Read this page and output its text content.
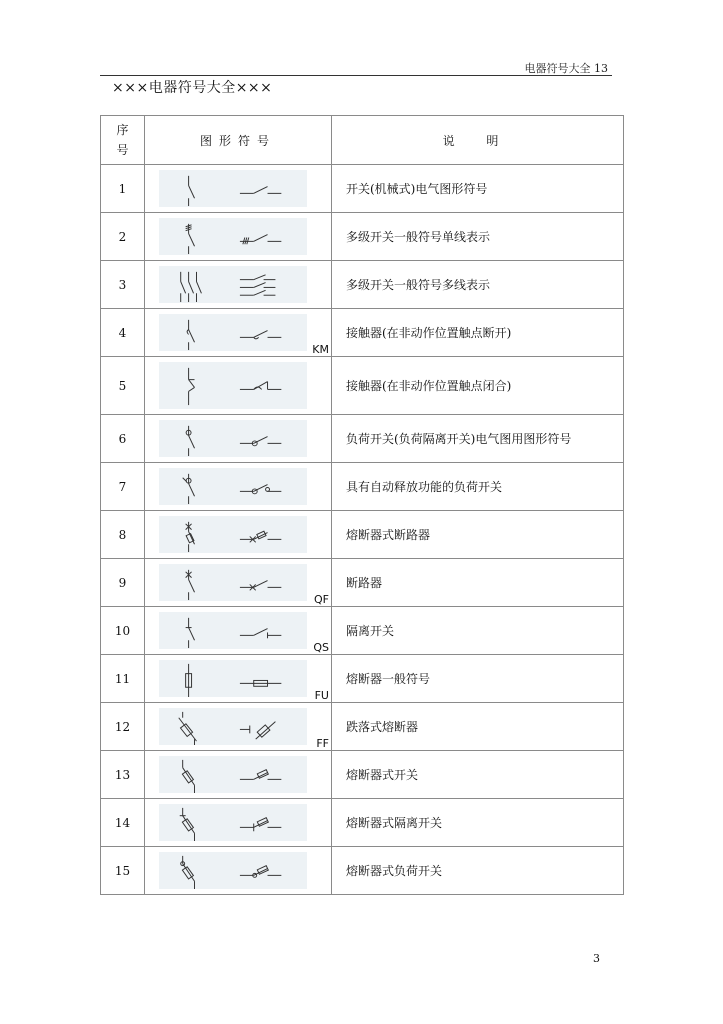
电器符号大全 13
×××电器符号大全×××
序
号	图形符号	说 明
1		开关(机械式)电气图形符号
2		多级开关一般符号单线表示
3		多级开关一般符号多线表示
4	KM	接触器(在非动作位置触点断开)
5		接触器(在非动作位置触点闭合)
6		负荷开关(负荷隔离开关)电气图用图形符号
7		具有自动释放功能的负荷开关
8		熔断器式断路器
9	QF	断路器
10	QS	隔离开关
11	FU	熔断器一般符号
12	FF	跌落式熔断器
13		熔断器式开关
14		熔断器式隔离开关
15		熔断器式负荷开关
3
